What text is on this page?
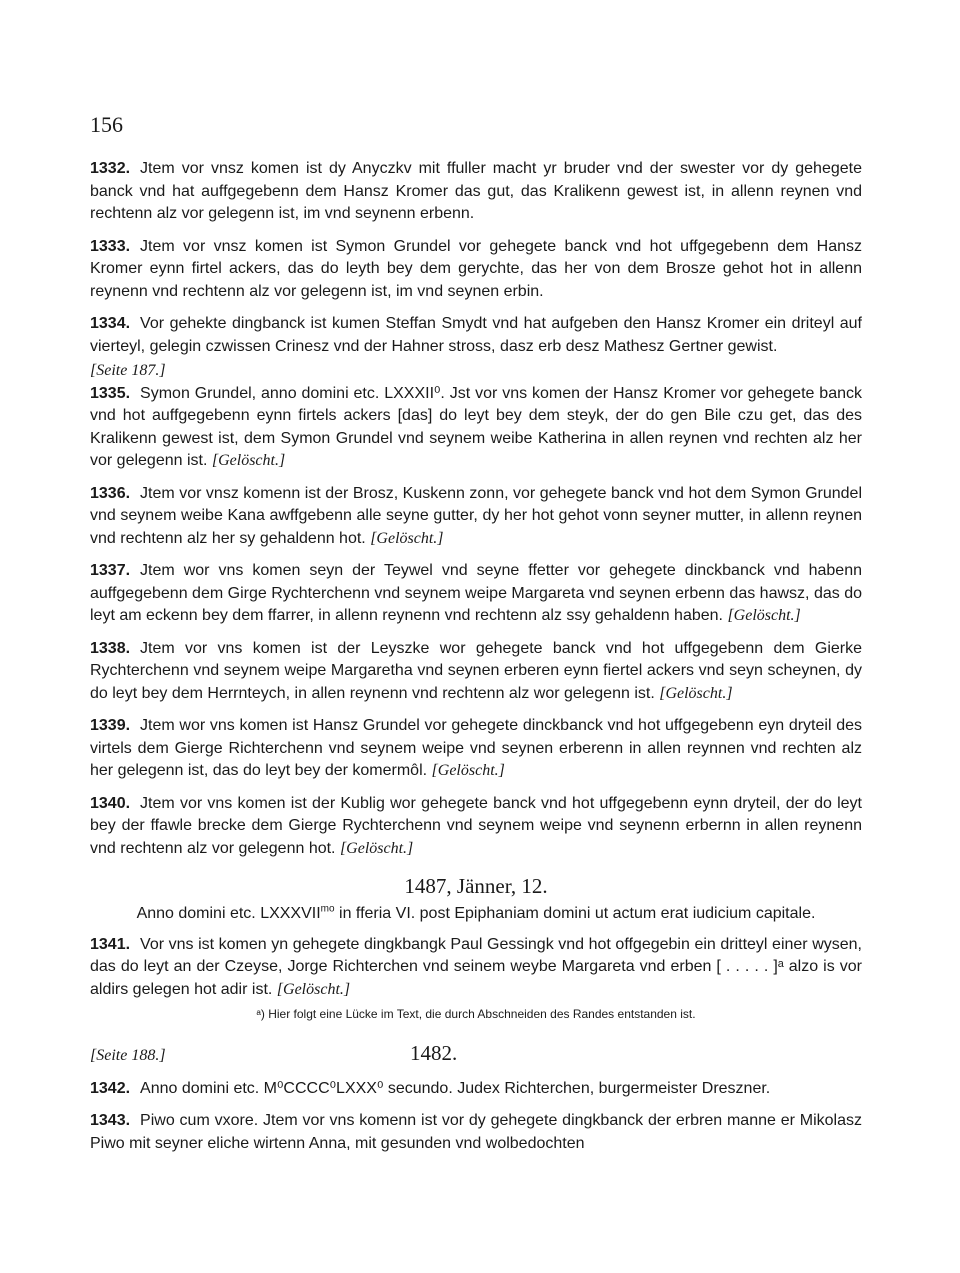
156

1332. Jtem vor vnsz komen ist dy Anyczkv mit ffuller macht yr bruder vnd der swester vor dy gehegete banck vnd hat auffgegebenn dem Hansz Kromer das gut, das Kralikenn gewest ist, in allenn reynen vnd rechtenn alz vor gelegenn ist, im vnd seynenn erbenn.

1333. Jtem vor vnsz komen ist Symon Grundel vor gehegete banck vnd hot uffgegebenn dem Hansz Kromer eynn firtel ackers, das do leyth bey dem gerychte, das her von dem Brosze gehot hot in allenn reynenn vnd rechtenn alz vor gelegenn ist, im vnd seynen erbin.

1334. Vor gehekte dingbanck ist kumen Steffan Smydt vnd hat aufgeben den Hansz Kromer ein driteyl auf vierteyl, gelegin czwissen Crinesz vnd der Hahner stross, dasz erb desz Mathesz Gertner gewist.

[Seite 187.]

1335. Symon Grundel, anno domini etc. LXXXII⁰. Jst vor vns komen der Hansz Kromer vor gehegete banck vnd hot auffgegebenn eynn firtels ackers [das] do leyt bey dem steyk, der do gen Bile czu get, das des Kralikenn gewest ist, dem Symon Grundel vnd seynem weibe Katherina in allen reynen vnd rechten alz her vor gelegenn ist. [Gelöscht.]

1336. Jtem vor vnsz komenn ist der Brosz, Kuskenn zonn, vor gehegete banck vnd hot dem Symon Grundel vnd seynem weibe Kana awffgebenn alle seyne gutter, dy her hot gehot vonn seyner mutter, in allenn reynen vnd rechtenn alz her sy gehaldenn hot. [Gelöscht.]

1337. Jtem wor vns komen seyn der Teywel vnd seyne ffetter vor gehegete dinckbanck vnd habenn auffgegebenn dem Girge Rychterchenn vnd seynem weipe Margareta vnd seynen erbenn das hawsz, das do leyt am eckenn bey dem ffarrer, in allenn reynenn vnd rechtenn alz ssy gehaldenn haben. [Gelöscht.]

1338. Jtem vor vns komen ist der Leyszke wor gehegete banck vnd hot uffgegebenn dem Gierke Rychterchenn vnd seynem weipe Margaretha vnd seynen erberen eynn fiertel ackers vnd seyn scheynen, dy do leyt bey dem Herrnteych, in allen reynenn vnd rechtenn alz wor gelegenn ist. [Gelöscht.]

1339. Jtem wor vns komen ist Hansz Grundel vor gehegete dinckbanck vnd hot uffgegebenn eyn dryteil des virtels dem Gierge Richterchenn vnd seynem weipe vnd seynen erberenn in allen reynnen vnd rechten alz her gelegenn ist, das do leyt bey der komermôl. [Gelöscht.]

1340. Jtem vor vns komen ist der Kublig wor gehegete banck vnd hot uffgegebenn eynn dryteil, der do leyt bey der ffawle brecke dem Gierge Rychterchenn vnd seynem weipe vnd seynenn erbernn in allen reynenn vnd rechtenn alz vor gelegenn hot. [Gelöscht.]

1487, Jänner, 12.

Anno domini etc. $LXXXVII^{mo}$ in fferia VI. post Epiphaniam domini ut actum erat iudicium capitale.

1341. Vor vns ist komen yn gehegete dingkbangk Paul Gessingk vnd hot offgegebin ein dritteyl einer wysen, das do leyt an der Czeyse, Jorge Richterchen vnd seinem weybe Margareta vnd erben [ . . . . . ]ᵃ alzo is vor aldirs gelegen hot adir ist. [Gelöscht.]

ᵃ) Hier folgt eine Lücke im Text, die durch Abschneiden des Randes entstanden ist.

[Seite 188.]	1482.

1342. Anno domini etc. M⁰CCCC⁰LXXX⁰ secundo. Judex Richterchen, burgermeister Dreszner.

1343. Piwo cum vxore. Jtem vor vns komenn ist vor dy gehegete dingkbanck der erbren manne er Mikolasz Piwo mit seyner eliche wirtenn Anna, mit gesunden vnd wolbedochten
